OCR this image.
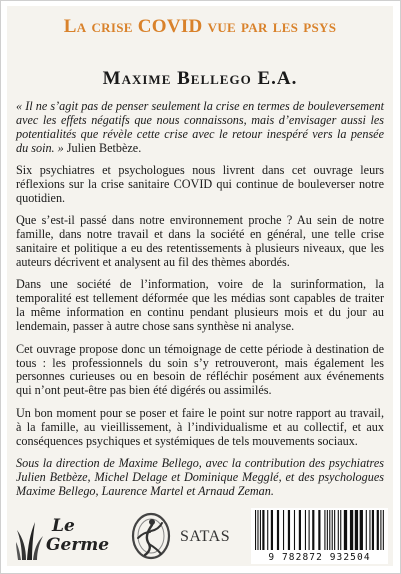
La crise COVID vue par les psys
Maxime Bellego E.A.

« Il ne s’agit pas de penser seulement la crise en termes de bouleversement avec les effets négatifs que nous connaissons, mais d’envisager aussi les potentialités que révèle cette crise avec le retour inespéré vers la pensée du soin. » Julien Betbèze.

Six psychiatres et psychologues nous livrent dans cet ouvrage leurs réflexions sur la crise sanitaire COVID qui continue de bouleverser notre quotidien.

Que s’est-il passé dans notre environnement proche ? Au sein de notre famille, dans notre travail et dans la société en général, une telle crise sanitaire et politique a eu des retentissements à plusieurs niveaux, que les auteurs décrivent et analysent au fil des thèmes abordés.

Dans une société de l’information, voire de la surinformation, la temporalité est tellement déformée que les médias sont capables de traiter la même information en continu pendant plusieurs mois et du jour au lendemain, passer à autre chose sans synthèse ni analyse.

Cet ouvrage propose donc un témoignage de cette période à destination de tous : les professionnels du soin s’y retrouveront, mais également les personnes curieuses ou en besoin de réfléchir posément aux événements qui n’ont peut-être pas bien été digérés ou assimilés.

Un bon moment pour se poser et faire le point sur notre rapport au travail, à la famille, au vieillissement, à l’individualisme et au collectif, et aux conséquences psychiques et systémiques de tels mouvements sociaux.

Sous la direction de Maxime Bellego, avec la contribution des psychiatres Julien Betbèze, Michel Delage et Dominique Megglé, et des psychologues Maxime Bellego, Laurence Martel et Arnaud Zeman.

Le
Germe	SATAS
9 782872 932504
